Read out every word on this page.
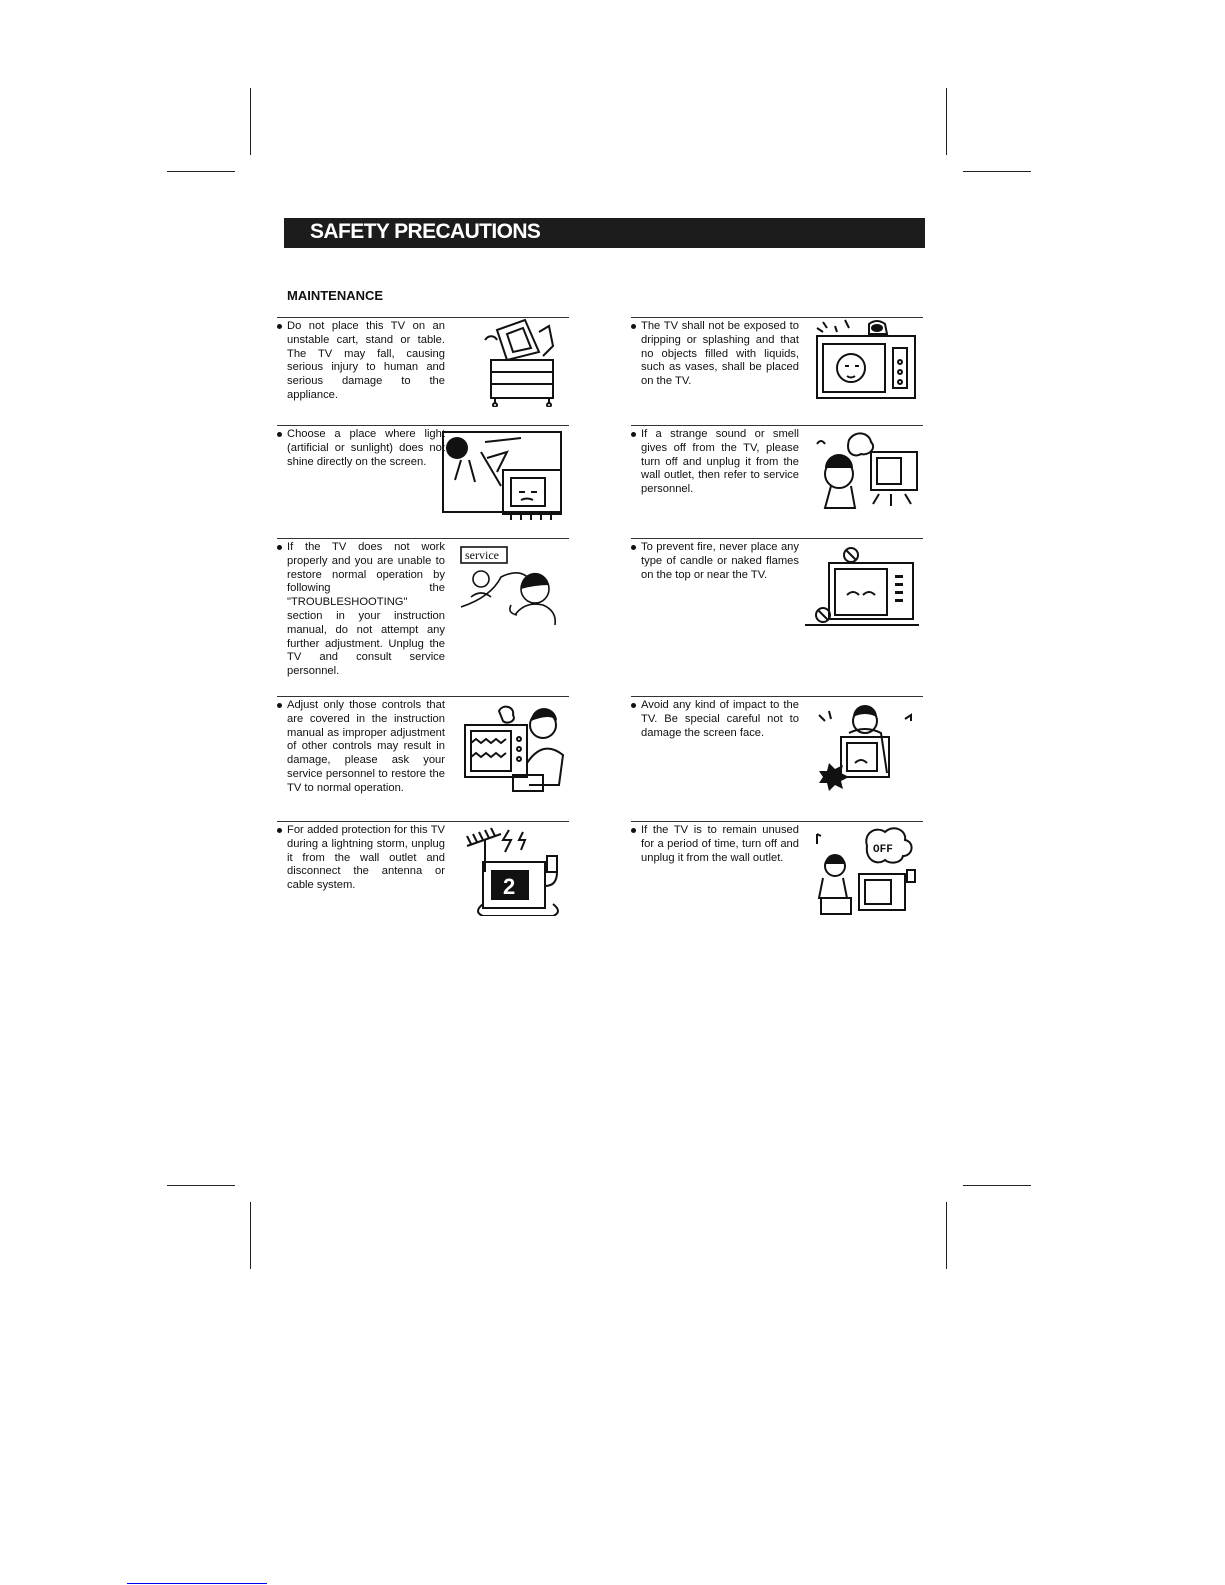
SAFETY PRECAUTIONS
MAINTENANCE
Do not place this TV on an unstable cart, stand or table. The TV may fall, causing serious injury to human and serious damage to the appliance.
The TV shall not be exposed to dripping or splashing and that no objects filled with liquids, such as vases, shall be placed on the TV.
Choose a place where light (artificial or sunlight) does not shine directly on the screen.
If a strange sound or smell gives off from the TV, please turn off and unplug it from the wall outlet, then refer to service personnel.
If the TV does not work properly and you are unable to restore normal operation by following the "TROUBLESHOOTING" section in your instruction manual, do not attempt any further adjustment. Unplug the TV and consult service personnel.
service
To prevent fire, never place any type of candle or naked flames on the top or near the TV.
Adjust only those controls that are covered in the instruction manual as improper adjustment of other controls may result in damage, please ask your service personnel to restore the TV to normal operation.
Avoid any kind of impact to the TV. Be special careful not to damage the screen face.
For added protection for this TV during a lightning storm, unplug it from the wall outlet and disconnect the antenna or cable system.	2
If the TV is to remain unused for a period of time, turn off and unplug it from the wall outlet.
OFF
